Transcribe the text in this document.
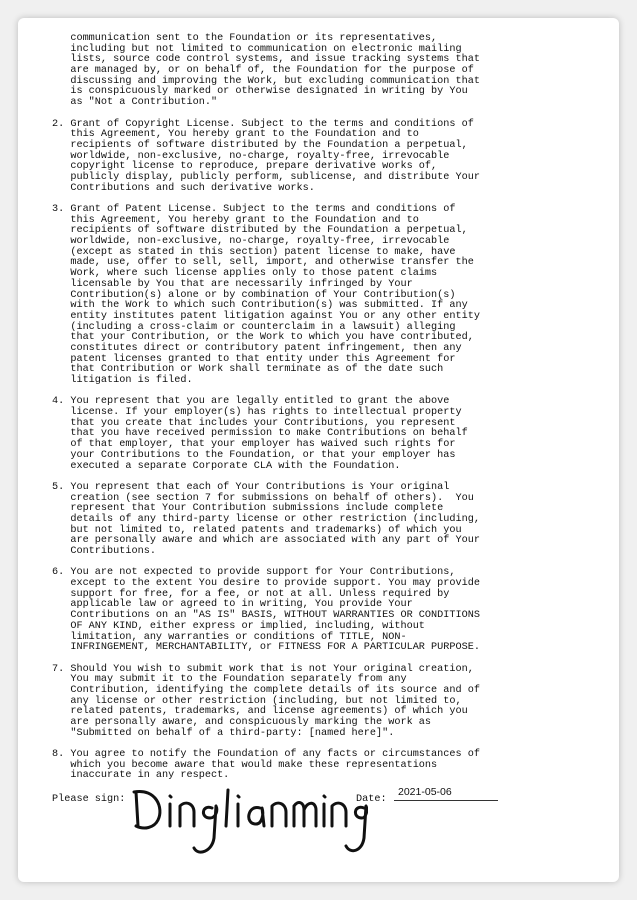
communication sent to the Foundation or its representatives,
including but not limited to communication on electronic mailing
lists, source code control systems, and issue tracking systems that
are managed by, or on behalf of, the Foundation for the purpose of
discussing and improving the Work, but excluding communication that
is conspicuously marked or otherwise designated in writing by You
as "Not a Contribution."
2. Grant of Copyright License. Subject to the terms and conditions of
this Agreement, You hereby grant to the Foundation and to
recipients of software distributed by the Foundation a perpetual,
worldwide, non-exclusive, no-charge, royalty-free, irrevocable
copyright license to reproduce, prepare derivative works of,
publicly display, publicly perform, sublicense, and distribute Your
Contributions and such derivative works.
3. Grant of Patent License. Subject to the terms and conditions of
this Agreement, You hereby grant to the Foundation and to
recipients of software distributed by the Foundation a perpetual,
worldwide, non-exclusive, no-charge, royalty-free, irrevocable
(except as stated in this section) patent license to make, have
made, use, offer to sell, sell, import, and otherwise transfer the
Work, where such license applies only to those patent claims
licensable by You that are necessarily infringed by Your
Contribution(s) alone or by combination of Your Contribution(s)
with the Work to which such Contribution(s) was submitted. If any
entity institutes patent litigation against You or any other entity
(including a cross-claim or counterclaim in a lawsuit) alleging
that your Contribution, or the Work to which you have contributed,
constitutes direct or contributory patent infringement, then any
patent licenses granted to that entity under this Agreement for
that Contribution or Work shall terminate as of the date such
litigation is filed.
4. You represent that you are legally entitled to grant the above
license. If your employer(s) has rights to intellectual property
that you create that includes your Contributions, you represent
that you have received permission to make Contributions on behalf
of that employer, that your employer has waived such rights for
your Contributions to the Foundation, or that your employer has
executed a separate Corporate CLA with the Foundation.
5. You represent that each of Your Contributions is Your original
creation (see section 7 for submissions on behalf of others).  You
represent that Your Contribution submissions include complete
details of any third-party license or other restriction (including,
but not limited to, related patents and trademarks) of which you
are personally aware and which are associated with any part of Your
Contributions.
6. You are not expected to provide support for Your Contributions,
except to the extent You desire to provide support. You may provide
support for free, for a fee, or not at all. Unless required by
applicable law or agreed to in writing, You provide Your
Contributions on an "AS IS" BASIS, WITHOUT WARRANTIES OR CONDITIONS
OF ANY KIND, either express or implied, including, without
limitation, any warranties or conditions of TITLE, NON-
INFRINGEMENT, MERCHANTABILITY, or FITNESS FOR A PARTICULAR PURPOSE.
7. Should You wish to submit work that is not Your original creation,
You may submit it to the Foundation separately from any
Contribution, identifying the complete details of its source and of
any license or other restriction (including, but not limited to,
related patents, trademarks, and license agreements) of which you
are personally aware, and conspicuously marking the work as
"Submitted on behalf of a third-party: [named here]".
8. You agree to notify the Foundation of any facts or circumstances of
which you become aware that would make these representations
inaccurate in any respect.
Please sign:	Date:
2021-05-06
